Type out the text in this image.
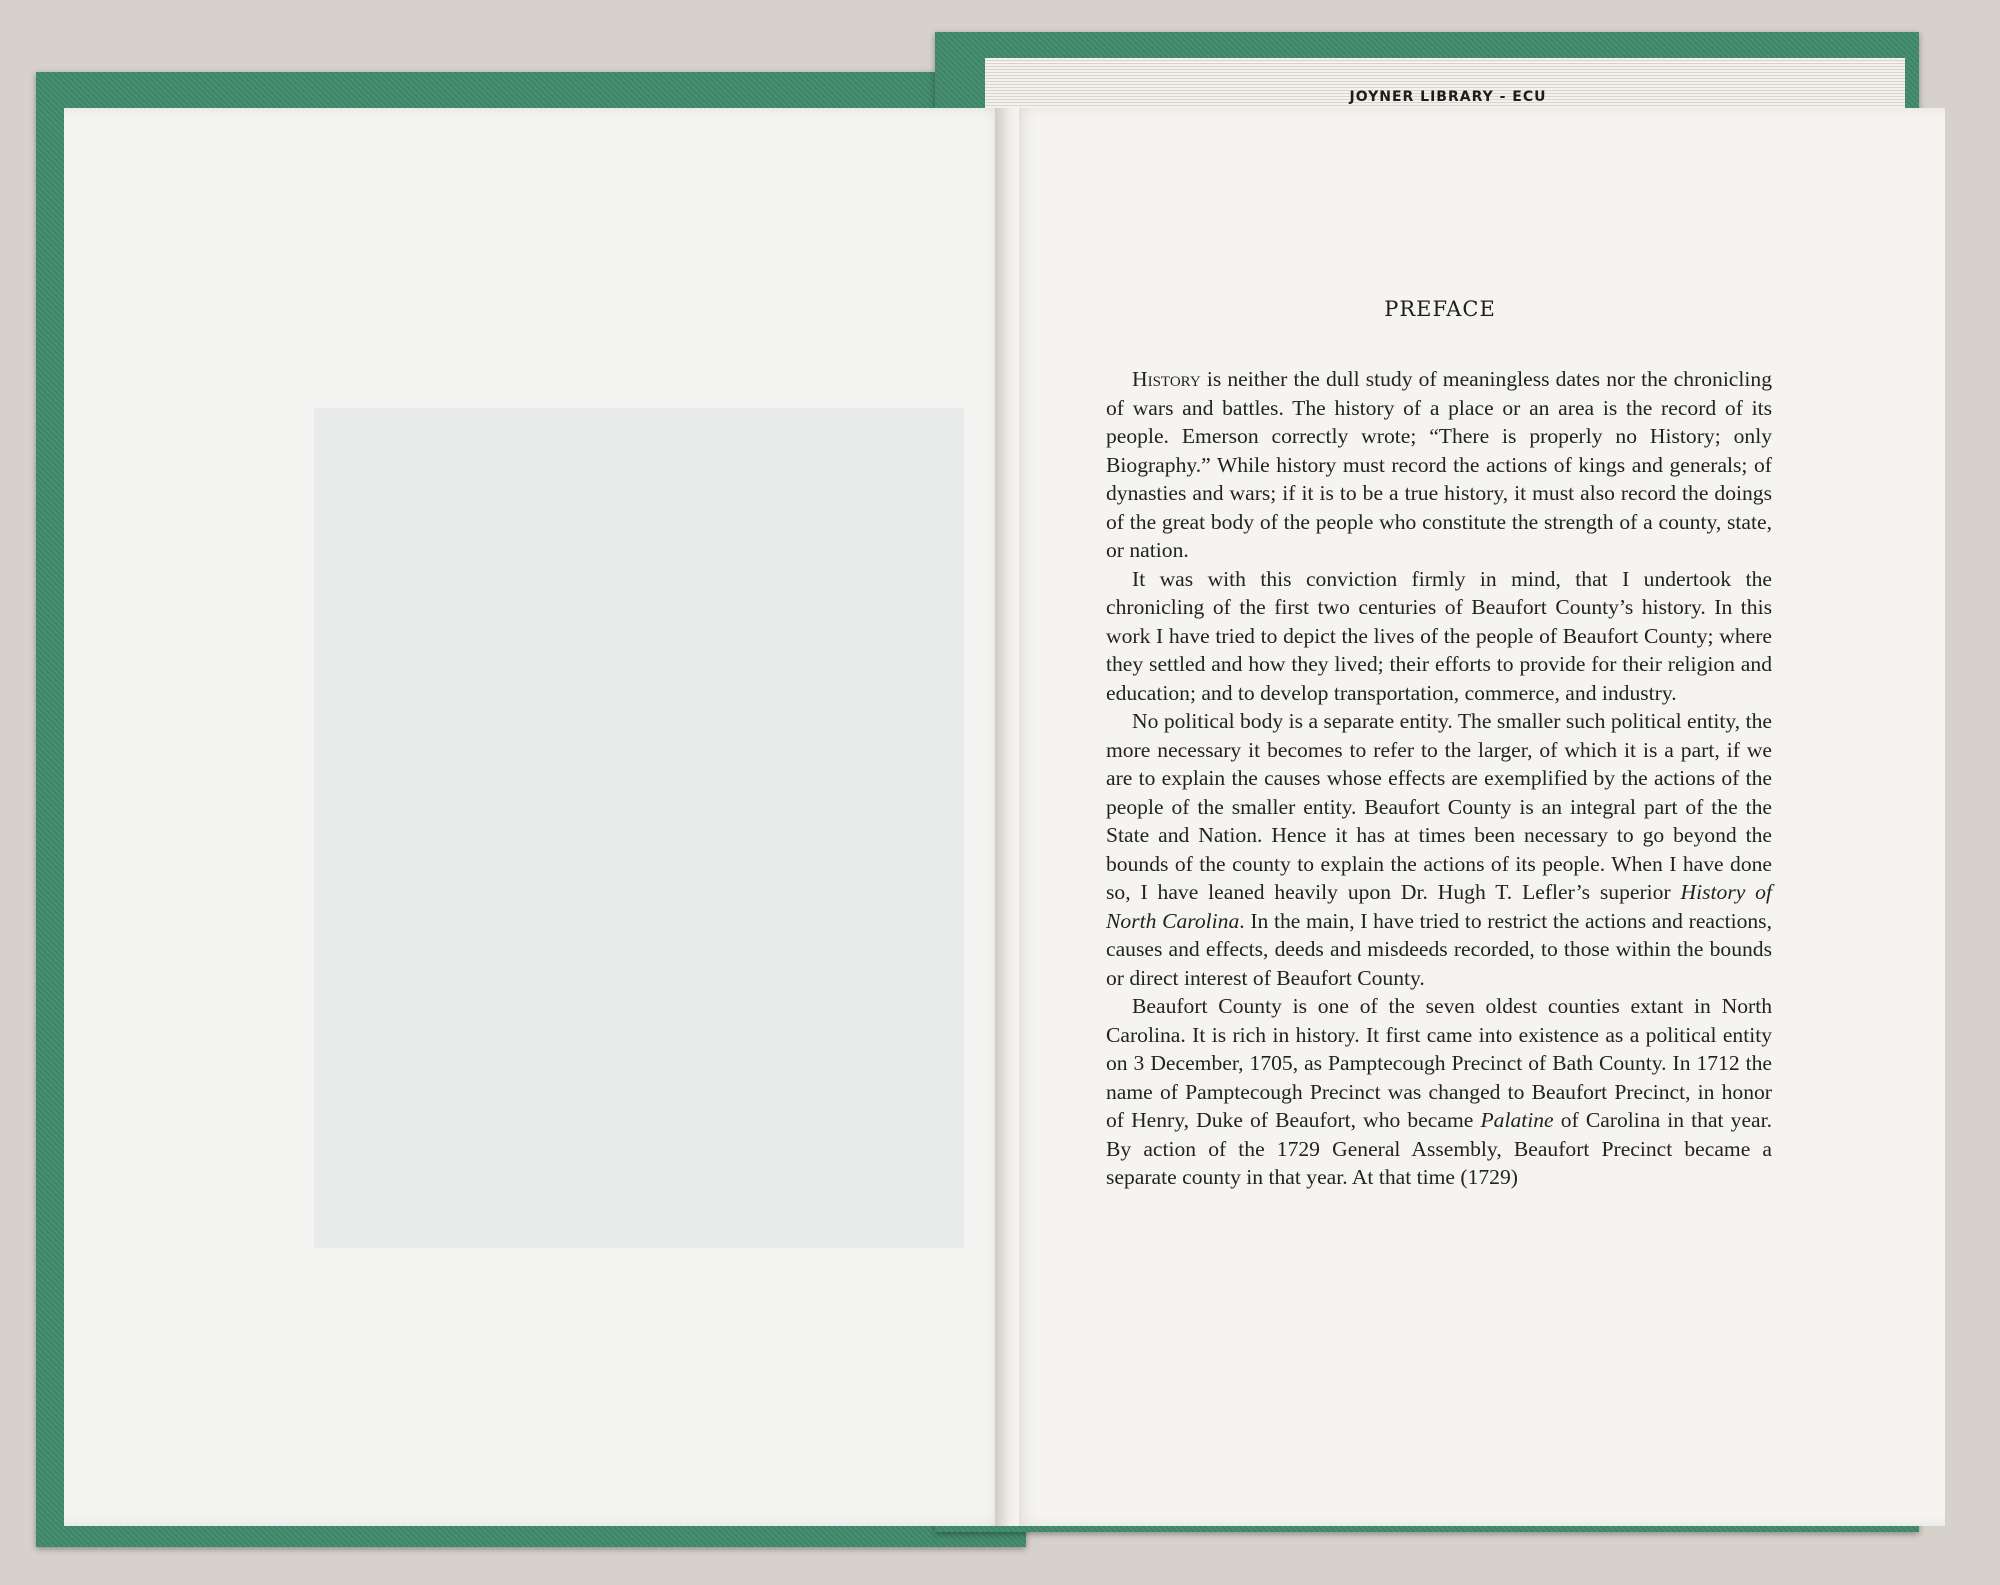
JOYNER LIBRARY - ECU
PREFACE

History is neither the dull study of meaningless dates nor the chronicling of wars and battles. The history of a place or an area is the record of its people. Emerson correctly wrote; “There is properly no History; only Biography.” While history must record the actions of kings and generals; of dynasties and wars; if it is to be a true history, it must also record the doings of the great body of the people who constitute the strength of a county, state, or nation.

It was with this conviction firmly in mind, that I undertook the chronicling of the first two centuries of Beaufort County’s history. In this work I have tried to depict the lives of the people of Beaufort County; where they settled and how they lived; their efforts to provide for their religion and education; and to develop transportation, commerce, and industry.

No political body is a separate entity. The smaller such political entity, the more necessary it becomes to refer to the larger, of which it is a part, if we are to explain the causes whose effects are exemplified by the actions of the people of the smaller entity. Beaufort County is an integral part of the the State and Nation. Hence it has at times been necessary to go beyond the bounds of the county to explain the actions of its people. When I have done so, I have leaned heavily upon Dr. Hugh T. Lefler’s superior History of North Carolina. In the main, I have tried to restrict the actions and reactions, causes and effects, deeds and misdeeds recorded, to those within the bounds or direct interest of Beaufort County.

Beaufort County is one of the seven oldest counties extant in North Carolina. It is rich in history. It first came into existence as a political entity on 3 December, 1705, as Pamptecough Precinct of Bath County. In 1712 the name of Pamptecough Precinct was changed to Beaufort Precinct, in honor of Henry, Duke of Beaufort, who became Palatine of Carolina in that year. By action of the 1729 General Assembly, Beaufort Precinct became a separate county in that year. At that time (1729)
